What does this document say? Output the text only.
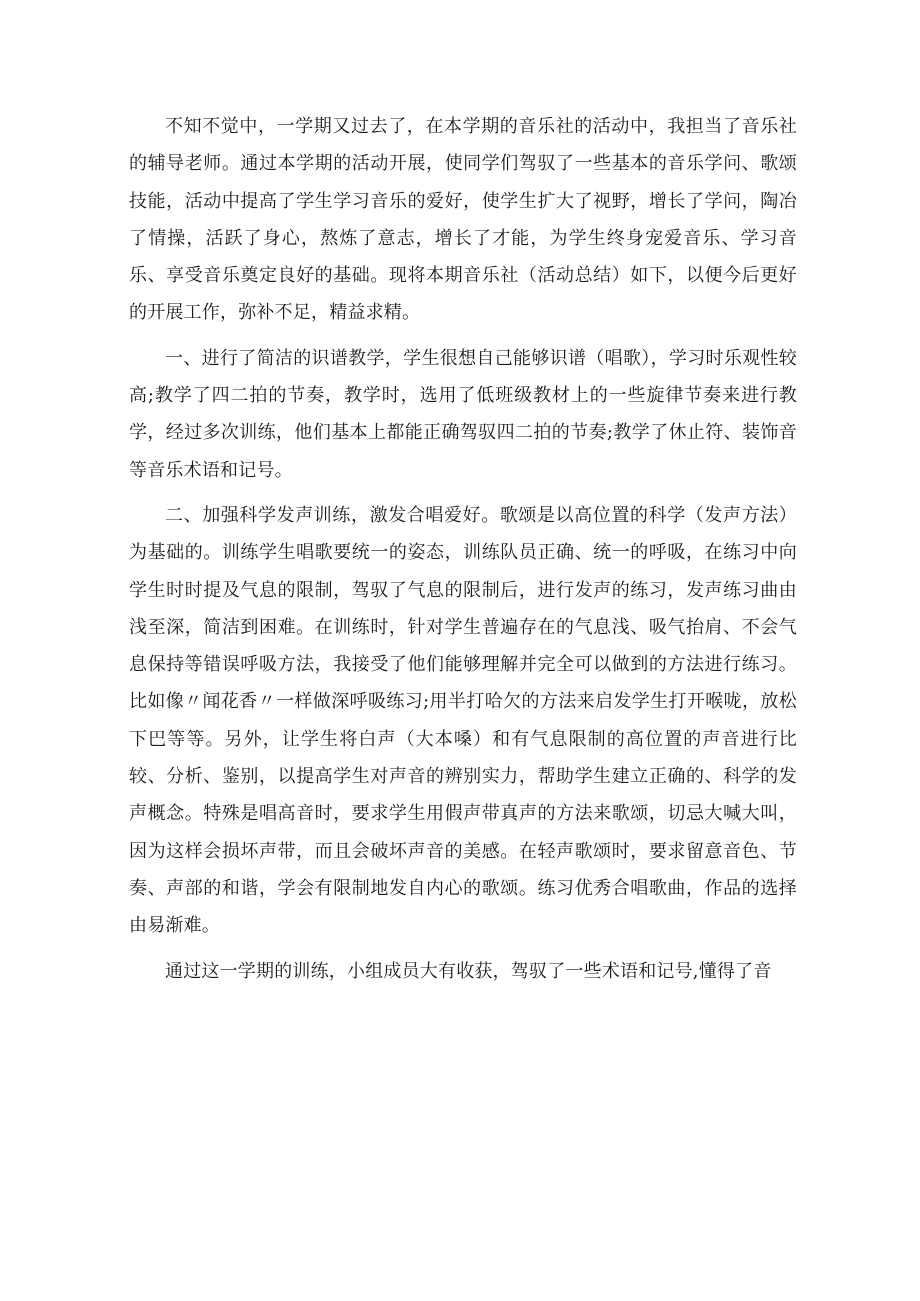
不知不觉中，一学期又过去了，在本学期的音乐社的活动中，我担当了音乐社的辅导老师。通过本学期的活动开展，使同学们驾驭了一些基本的音乐学问、歌颂技能，活动中提高了学生学习音乐的爱好，使学生扩大了视野，增长了学问，陶冶了情操，活跃了身心，熬炼了意志，增长了才能，为学生终身宠爱音乐、学习音乐、享受音乐奠定良好的基础。现将本期音乐社（活动总结）如下，以便今后更好的开展工作，弥补不足，精益求精。

一、进行了简洁的识谱教学，学生很想自己能够识谱（唱歌），学习时乐观性较高;教学了四二拍的节奏，教学时，选用了低班级教材上的一些旋律节奏来进行教学，经过多次训练，他们基本上都能正确驾驭四二拍的节奏;教学了休止符、装饰音等音乐术语和记号。

二、加强科学发声训练，激发合唱爱好。歌颂是以高位置的科学（发声方法）为基础的。训练学生唱歌要统一的姿态，训练队员正确、统一的呼吸，在练习中向学生时时提及气息的限制，驾驭了气息的限制后，进行发声的练习，发声练习曲由浅至深，简洁到困难。在训练时，针对学生普遍存在的气息浅、吸气抬肩、不会气息保持等错误呼吸方法，我接受了他们能够理解并完全可以做到的方法进行练习。比如像〃闻花香〃一样做深呼吸练习;用半打哈欠的方法来启发学生打开喉咙，放松下巴等等。另外，让学生将白声（大本嗓）和有气息限制的高位置的声音进行比较、分析、鉴别，以提高学生对声音的辨别实力，帮助学生建立正确的、科学的发声概念。特殊是唱高音时，要求学生用假声带真声的方法来歌颂，切忌大喊大叫，因为这样会损坏声带，而且会破坏声音的美感。在轻声歌颂时，要求留意音色、节奏、声部的和谐，学会有限制地发自内心的歌颂。练习优秀合唱歌曲，作品的选择由易渐难。

通过这一学期的训练，小组成员大有收获，驾驭了一些术语和记号,懂得了音
